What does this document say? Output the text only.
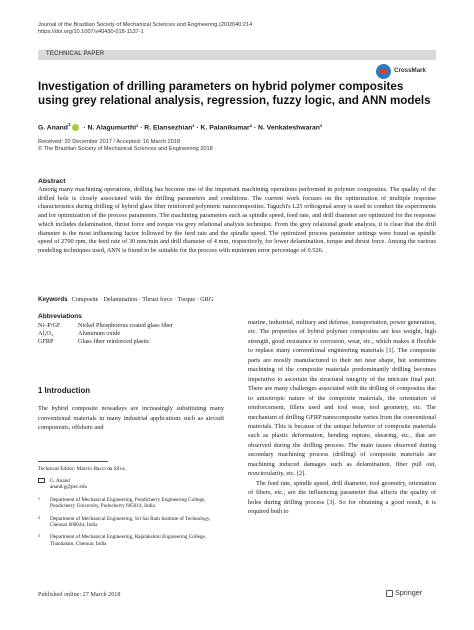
Journal of the Brazilian Society of Mechanical Sciences and Engineering (2018)40:214
https://doi.org/10.1007/s40430-018-1137-1
TECHNICAL PAPER
CrossMark
Investigation of drilling parameters on hybrid polymer composites using grey relational analysis, regression, fuzzy logic, and ANN models
G. Anand$^1$ · N. Alagumurthi¹ · R. Elansezhian¹ · K. Palanikumar² · N. Venkateshwaran³
Received: 20 December 2017 / Accepted: 16 March 2018
© The Brazilian Society of Mechanical Sciences and Engineering 2018
Abstract
Among many machining operations, drilling has become one of the important machining operations performed in polymer composites. The quality of the drilled hole is closely associated with the drilling parameters and conditions. The current work focuses on the optimization of multiple response characteristics during drilling of hybrid glass fiber reinforced polymeric nanocomposites. Taguchi's L25 orthogonal array is used to conduct the experiments and for optimization of the process parameters. The machining parameters such as spindle speed, feed rate, and drill diameter are optimized for the response which includes delamination, thrust force and torque via grey relational analysis technique. From the grey relational grade analysis, it is clear that the drill diameter is the most influencing factor followed by the feed rate and the spindle speed. The optimized process parameter settings were found as spindle speed of 2700 rpm, the feed rate of 30 mm/min and drill diameter of 4 mm, respectively, for lower delamination, torque and thrust force. Among the various modeling techniques used, ANN is found to be suitable for the process with minimum error percentage of 0.526.
Keywords Composite · Delamination · Thrust force · Torque · GRG
Abbreviations
Ni–P/GF	Nickel Phosphorous coated glass fiber
Al₂O₃	Aluminum oxide
GFRP	Glass fiber reinforced plastic
1 Introduction
The hybrid composite nowadays are increasingly substituting many conventional materials in many industrial applications such as aircraft components, offshore and
Technical Editor: Márcio Bacci da Silva.
G. Anand
anand.g@pec.edu
1 Department of Mechanical Engineering, Pondicherry Engineering College, Pondicherry University, Puducherry 605014, India
2 Department of Mechanical Engineering, Sri Sai Ram Institute of Technology, Chennai 600044, India
3 Department of Mechanical Engineering, Rajalakshmi Engineering College, Thandalam, Chennai, India

marine, industrial, military and defense, transportation, power generation, etc. The properties of hybrid polymer composites are less weight, high strength, good resistance to corrosion, wear, etc., which makes it flexible to replace many conventional engineering materials [1]. The composite parts are mostly manufactured to their net near shape, but sometimes machining of the composite materials predominantly drilling becomes imperative to ascertain the structural integrity of the intricate final part. There are many challenges associated with the drilling of composites due to anisotropic nature of the composite materials, the orientation of reinforcement, fillers used and tool wear, tool geometry, etc. The mechanism of drilling GFRP nanocomposite varies from the conventional materials. This is because of the unique behavior of composite materials such as plastic deformation, bending rupture, shearing, etc., that are observed during the drilling process. The main issues observed during secondary machining process (drilling) of composite materials are machining induced damages such as delamination, fiber pull out, noncircularity, etc. [2].

The feed rate, spindle speed, drill diameter, tool geometry, orientation of fibers, etc., are the influencing parameter that affects the quality of holes during drilling process [3]. So for obtaining a good result, it is required both to

Published online: 27 March 2018	Springer
